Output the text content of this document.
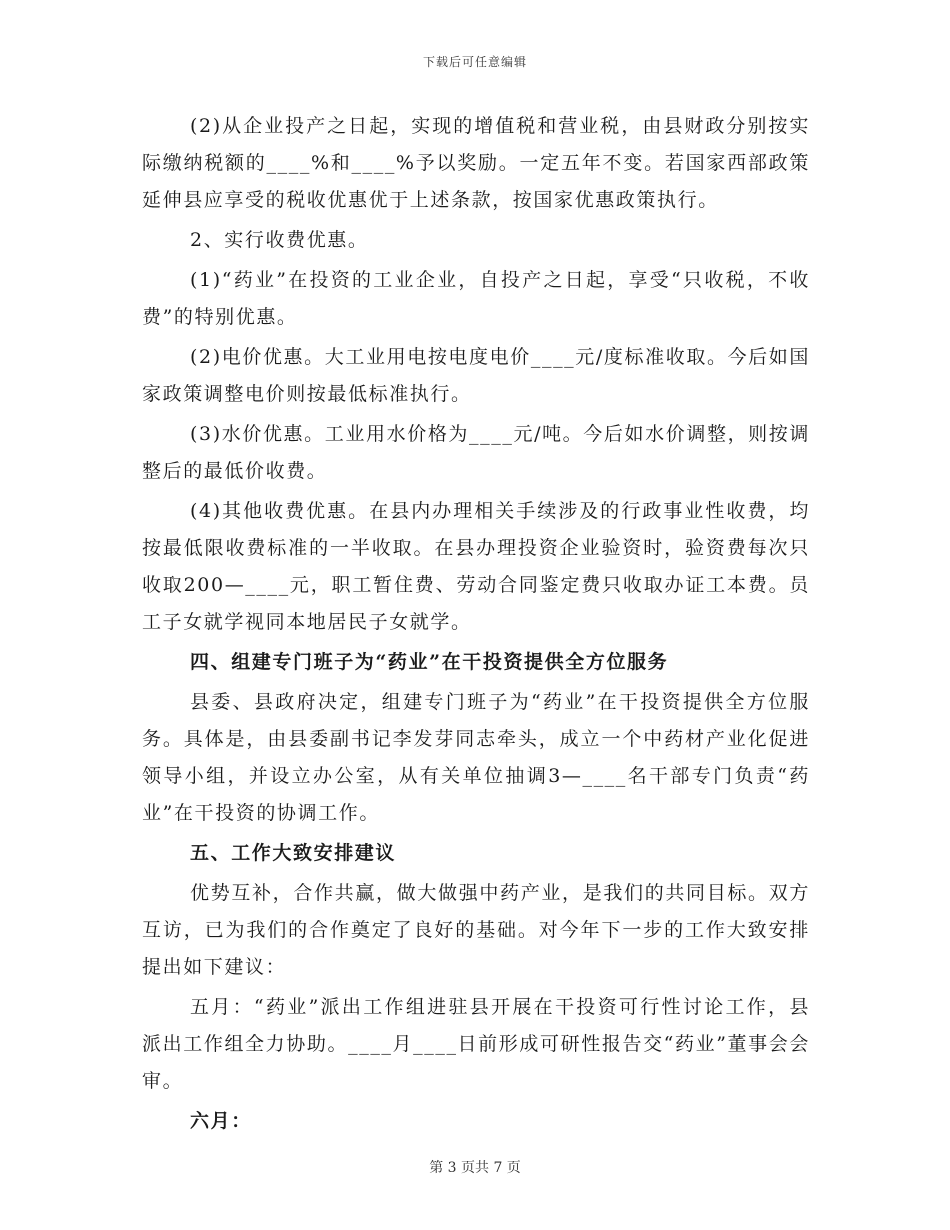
下载后可任意编辑

(2)从企业投产之日起，实现的增值税和营业税，由县财政分别按实际缴纳税额的____%和____%予以奖励。一定五年不变。若国家西部政策延伸县应享受的税收优惠优于上述条款，按国家优惠政策执行。

2、实行收费优惠。

(1)“药业”在投资的工业企业，自投产之日起，享受“只收税，不收费”的特别优惠。

(2)电价优惠。大工业用电按电度电价____元/度标准收取。今后如国家政策调整电价则按最低标准执行。

(3)水价优惠。工业用水价格为____元/吨。今后如水价调整，则按调整后的最低价收费。

(4)其他收费优惠。在县内办理相关手续涉及的行政事业性收费，均按最低限收费标准的一半收取。在县办理投资企业验资时，验资费每次只收取200—____元，职工暂住费、劳动合同鉴定费只收取办证工本费。员工子女就学视同本地居民子女就学。

四、组建专门班子为“药业”在干投资提供全方位服务

县委、县政府决定，组建专门班子为“药业”在干投资提供全方位服务。具体是，由县委副书记李发芽同志牵头，成立一个中药材产业化促进领导小组，并设立办公室，从有关单位抽调3—____名干部专门负责“药业”在干投资的协调工作。

五、工作大致安排建议

优势互补，合作共赢，做大做强中药产业，是我们的共同目标。双方互访，已为我们的合作奠定了良好的基础。对今年下一步的工作大致安排提出如下建议：

五月：“药业”派出工作组进驻县开展在干投资可行性讨论工作，县派出工作组全力协助。____月____日前形成可研性报告交“药业”董事会会审。

六月：

第 3 页共 7 页
